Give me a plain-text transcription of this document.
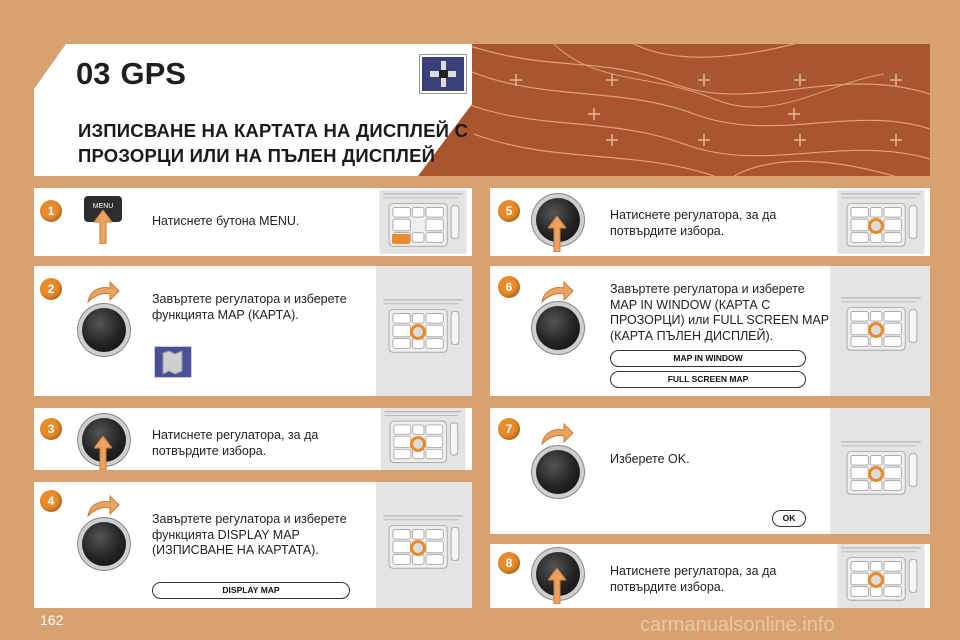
03 GPS
ИЗПИСВАНЕ НА КАРТАТА НА ДИСПЛЕЙ С
ПРОЗОРЦИ ИЛИ НА ПЪЛЕН ДИСПЛЕЙ
1	MENU
Натиснете бутона MENU.
2
Завъртете регулатора и изберете функцията MAP (КАРТА).
3	Натиснете регулатора, за да потвърдите избора.
4
Завъртете регулатора и изберете функцията DISPLAY MAP (ИЗПИСВАНЕ НА КАРТАТА).
DISPLAY MAP
5	Натиснете регулатора, за да потвърдите избора.
6	Завъртете регулатора и изберете MAP IN WINDOW (КАРТА С ПРОЗОРЦИ) или FULL SCREEN MAP (КАРТА ПЪЛЕН ДИСПЛЕЙ).
MAP IN WINDOW
FULL SCREEN MAP
7
Изберете OK.
OK
8
Натиснете регулатора, за да потвърдите избора.
162	carmanualsonline.info
